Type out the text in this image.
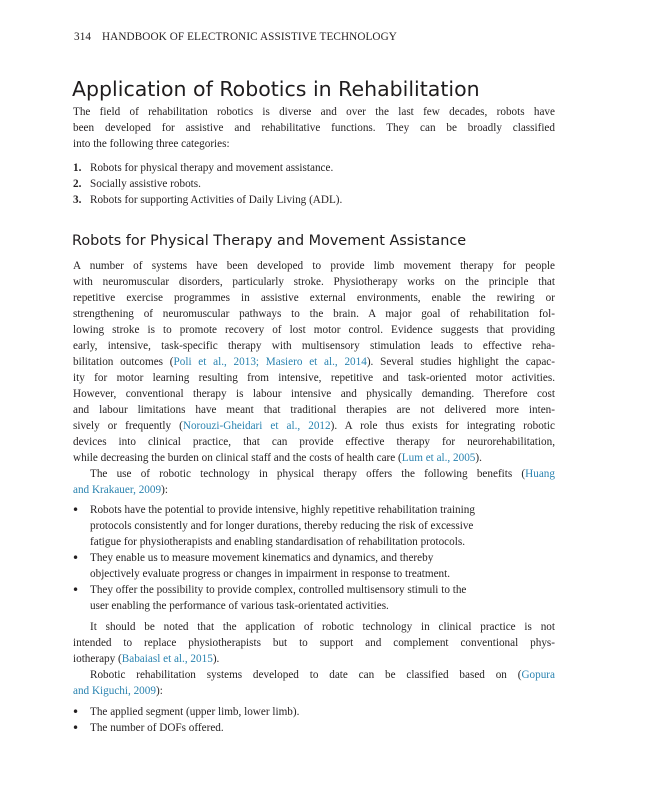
314 HANDBOOK OF ELECTRONIC ASSISTIVE TECHNOLOGY
Application of Robotics in Rehabilitation
The field of rehabilitation robotics is diverse and over the last few decades, robots have
been developed for assistive and rehabilitative functions. They can be broadly classified
into the following three categories:
1. Robots for physical therapy and movement assistance.
2. Socially assistive robots.
3. Robots for supporting Activities of Daily Living (ADL).
Robots for Physical Therapy and Movement Assistance
A number of systems have been developed to provide limb movement therapy for people
with neuromuscular disorders, particularly stroke. Physiotherapy works on the principle that
repetitive exercise programmes in assistive external environments, enable the rewiring or
strengthening of neuromuscular pathways to the brain. A major goal of rehabilitation fol-
lowing stroke is to promote recovery of lost motor control. Evidence suggests that providing
early, intensive, task-specific therapy with multisensory stimulation leads to effective reha-
bilitation outcomes (Poli et al., 2013; Masiero et al., 2014). Several studies highlight the capac-
ity for motor learning resulting from intensive, repetitive and task-oriented motor activities.
However, conventional therapy is labour intensive and physically demanding. Therefore cost
and labour limitations have meant that traditional therapies are not delivered more inten-
sively or frequently (Norouzi-Gheidari et al., 2012). A role thus exists for integrating robotic
devices into clinical practice, that can provide effective therapy for neurorehabilitation,
while decreasing the burden on clinical staff and the costs of health care (Lum et al., 2005).
The use of robotic technology in physical therapy offers the following benefits (Huang
and Krakauer, 2009):
• Robots have the potential to provide intensive, highly repetitive rehabilitation training
protocols consistently and for longer durations, thereby reducing the risk of excessive
fatigue for physiotherapists and enabling standardisation of rehabilitation protocols.
• They enable us to measure movement kinematics and dynamics, and thereby
objectively evaluate progress or changes in impairment in response to treatment.
• They offer the possibility to provide complex, controlled multisensory stimuli to the
user enabling the performance of various task-orientated activities.
It should be noted that the application of robotic technology in clinical practice is not
intended to replace physiotherapists but to support and complement conventional phys-
iotherapy (Babaiasl et al., 2015).
Robotic rehabilitation systems developed to date can be classified based on (Gopura
and Kiguchi, 2009):
• The applied segment (upper limb, lower limb).
• The number of DOFs offered.
